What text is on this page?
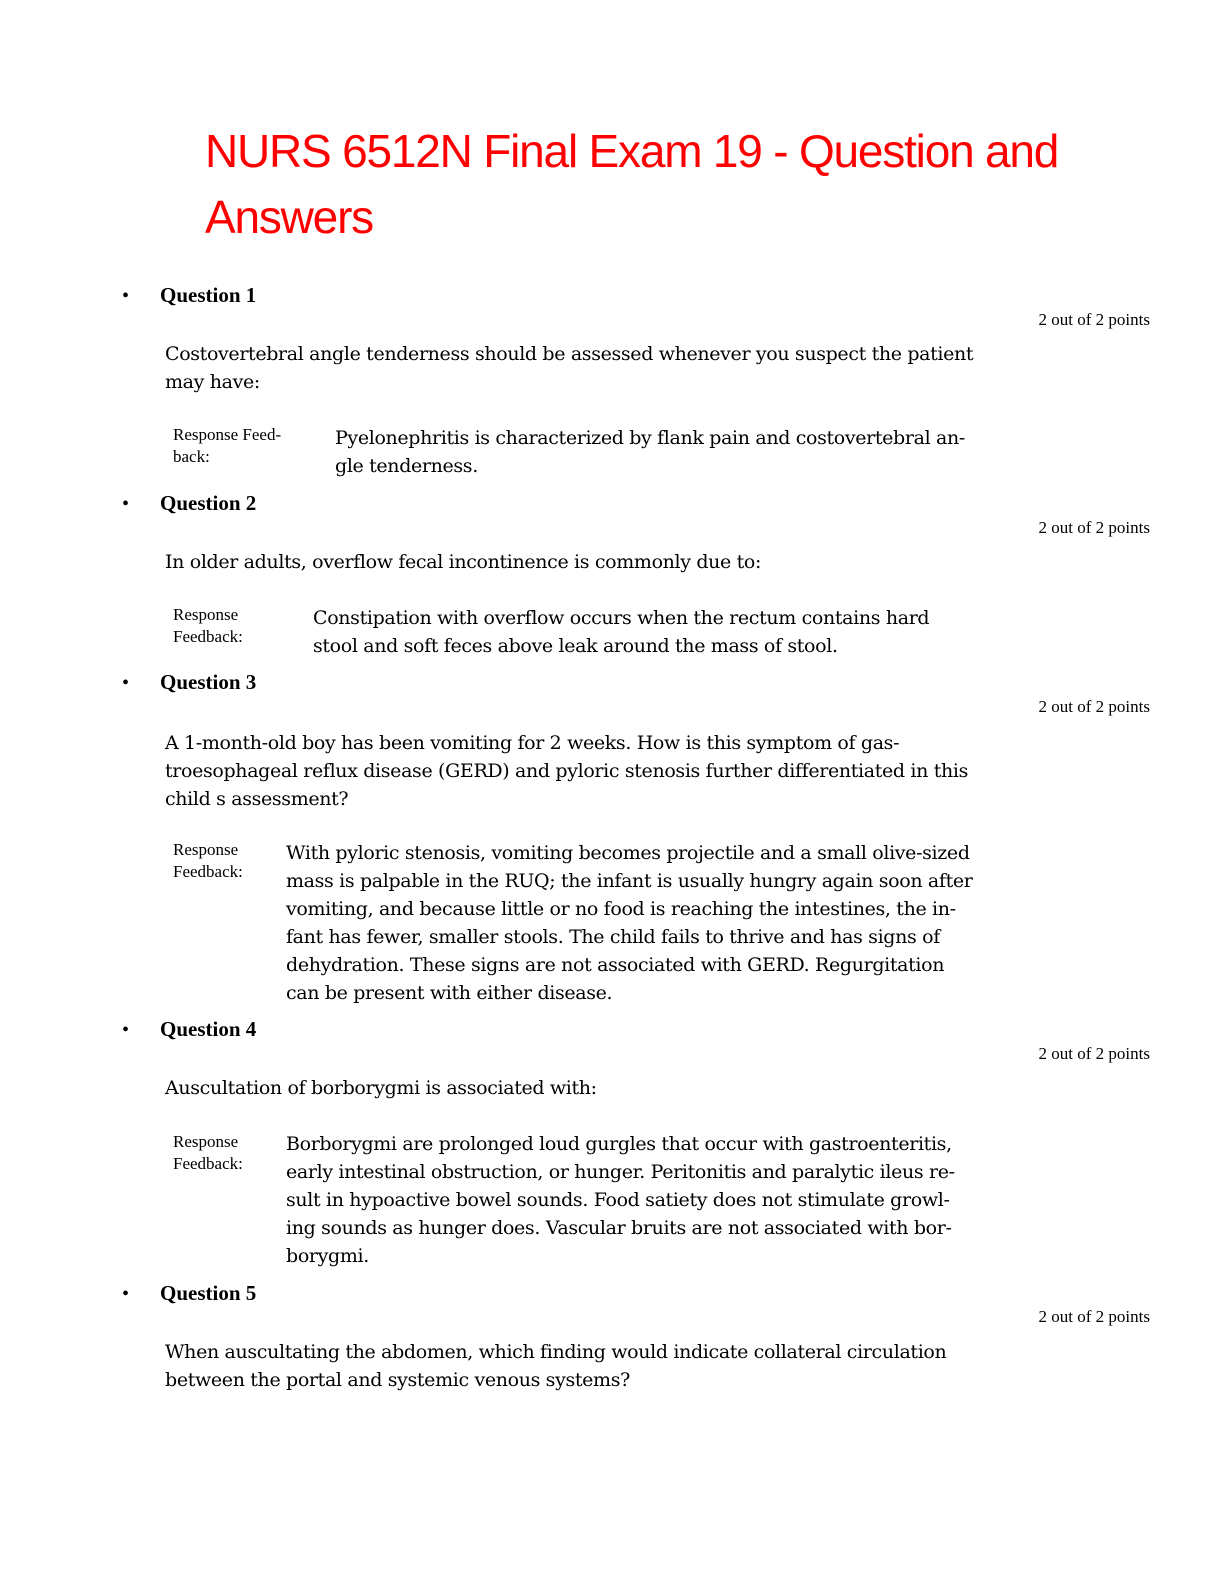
NURS 6512N Final Exam 19 - Question and
Answers
•	Question 1
2 out of 2 points

Costovertebral angle tenderness should be assessed whenever you suspect the patient
may have:

Response Feed-
back:

Pyelonephritis is characterized by flank pain and costovertebral an-
gle tenderness.

•	Question 2
2 out of 2 points

In older adults, overflow fecal incontinence is commonly due to:

Response
Feedback:

Constipation with overflow occurs when the rectum contains hard
stool and soft feces above leak around the mass of stool.

•	Question 3
2 out of 2 points

A 1-month-old boy has been vomiting for 2 weeks. How is this symptom of gas-
troesophageal reflux disease (GERD) and pyloric stenosis further differentiated in this
child s assessment?

Response
Feedback:

With pyloric stenosis, vomiting becomes projectile and a small olive-sized
mass is palpable in the RUQ; the infant is usually hungry again soon after
vomiting, and because little or no food is reaching the intestines, the in-
fant has fewer, smaller stools. The child fails to thrive and has signs of
dehydration. These signs are not associated with GERD. Regurgitation
can be present with either disease.

•	Question 4
2 out of 2 points

Auscultation of borborygmi is associated with:

Response
Feedback:

Borborygmi are prolonged loud gurgles that occur with gastroenteritis,
early intestinal obstruction, or hunger. Peritonitis and paralytic ileus re-
sult in hypoactive bowel sounds. Food satiety does not stimulate growl-
ing sounds as hunger does. Vascular bruits are not associated with bor-
borygmi.

•	Question 5
2 out of 2 points

When auscultating the abdomen, which finding would indicate collateral circulation
between the portal and systemic venous systems?
